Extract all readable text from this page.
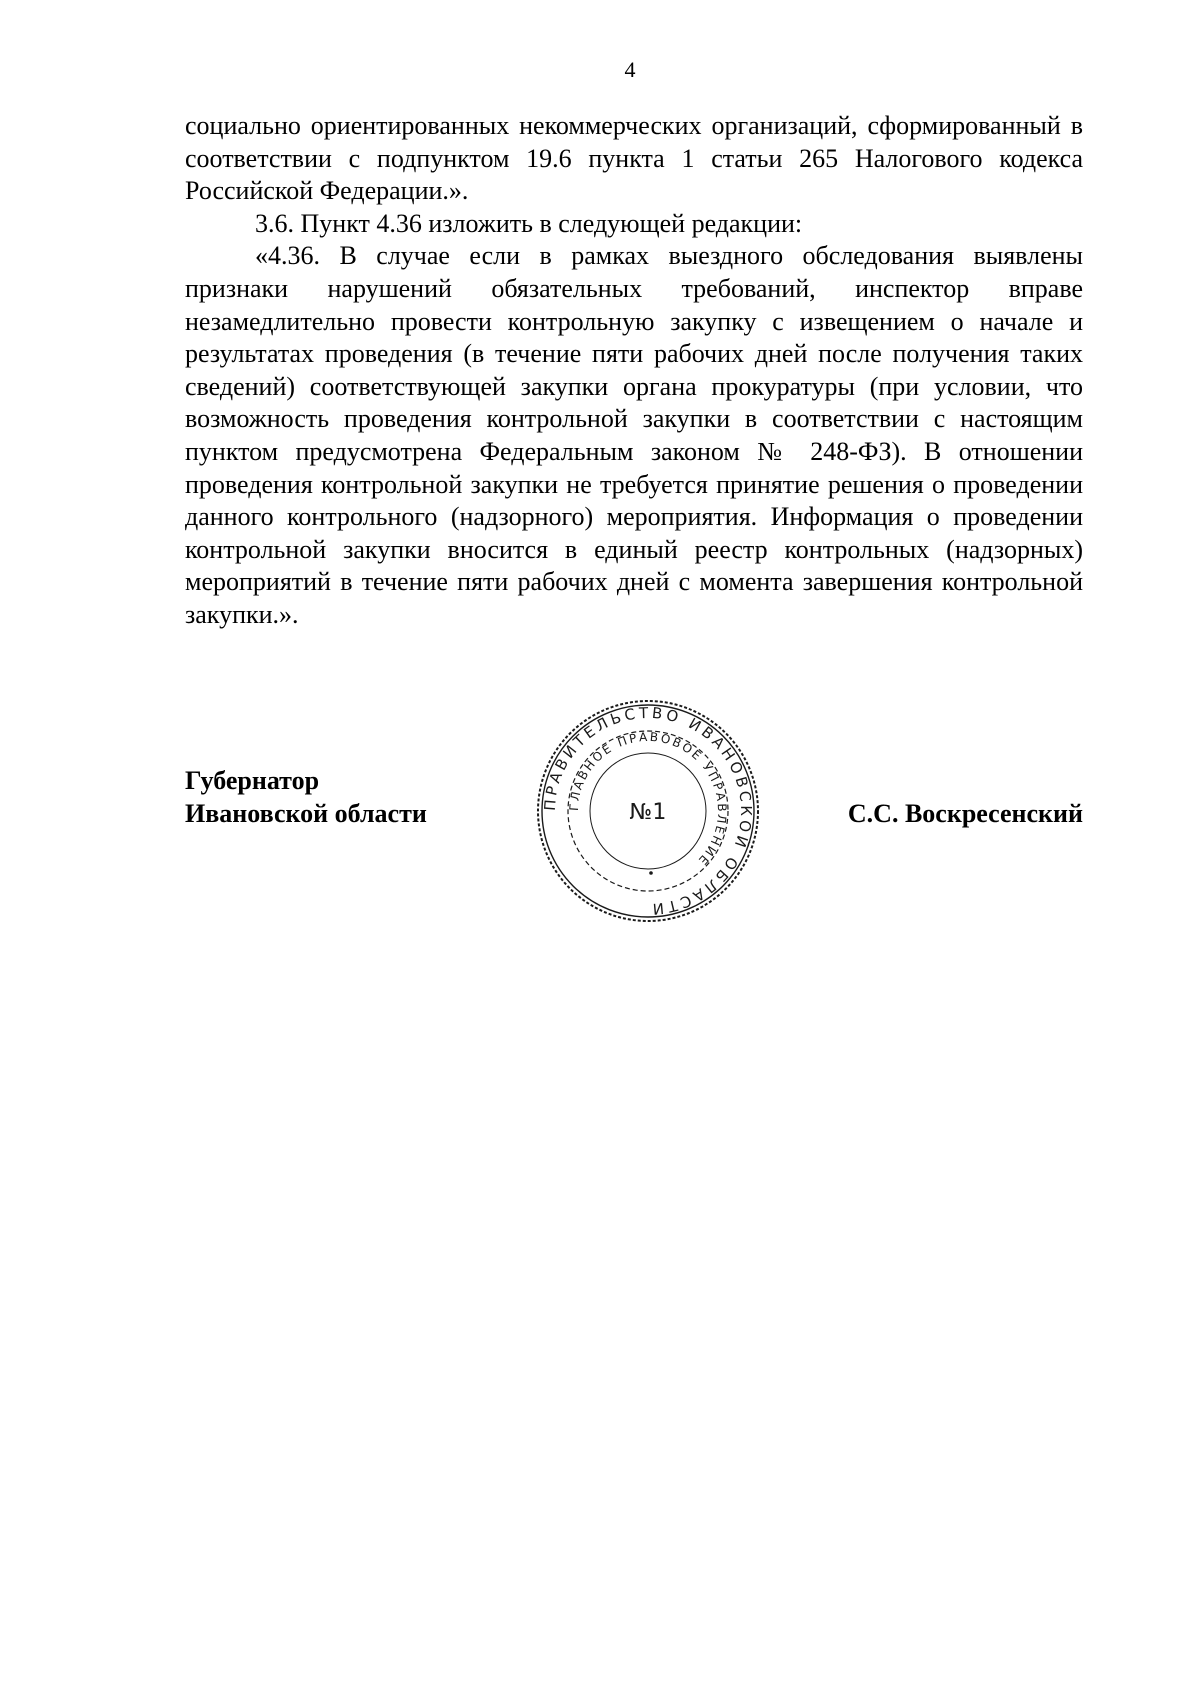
4

социально ориентированных некоммерческих организаций, сформированный в соответствии с подпунктом 19.6 пункта 1 статьи 265 Налогового кодекса Российской Федерации.».

3.6. Пункт 4.36 изложить в следующей редакции:

«4.36. В случае если в рамках выездного обследования выявлены признаки нарушений обязательных требований, инспектор вправе незамедлительно провести контрольную закупку с извещением о начале и результатах проведения (в течение пяти рабочих дней после получения таких сведений) соответствующей закупки органа прокуратуры (при условии, что возможность проведения контрольной закупки в соответствии с настоящим пунктом предусмотрена Федеральным законом № 248-ФЗ). В отношении проведения контрольной закупки не требуется принятие решения о проведении данного контрольного (надзорного) мероприятия. Информация о проведении контрольной закупки вносится в единый реестр контрольных (надзорных) мероприятий в течение пяти рабочих дней с момента завершения контрольной закупки.».

Губернатор
Ивановской области	ПРАВИТЕЛЬСТВО ИВАНОВСКОЙ ОБЛАСТИ
ГЛАВНОЕ ПРАВОВОЕ УПРАВЛЕНИЕ
№1	С.С. Воскресенский
